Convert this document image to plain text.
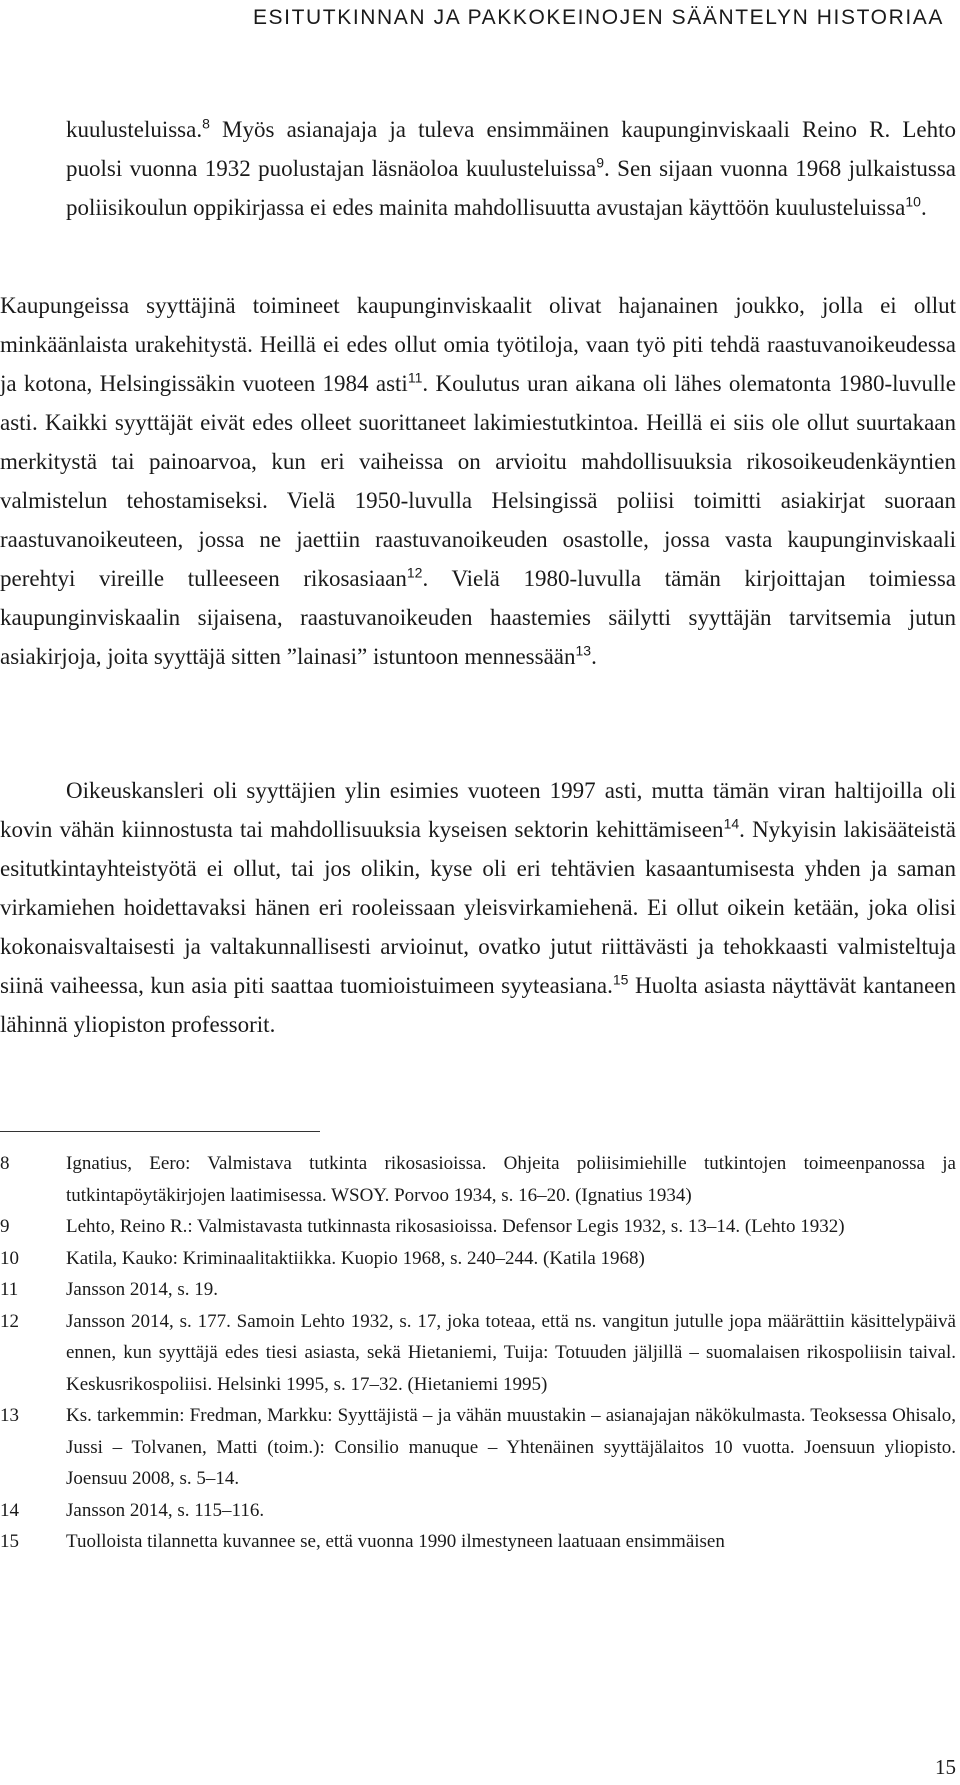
ESITUTKINNAN JA PAKKOKEINOJEN SÄÄNTELYN HISTORIAA

kuulusteluissa.$^8$ Myös asianajaja ja tuleva ensimmäinen kaupunginviskaali Reino R. Lehto puolsi vuonna 1932 puolustajan läsnäoloa kuulusteluissa$^9$. Sen sijaan vuonna 1968 julkaistussa poliisikoulun oppikirjassa ei edes mainita mahdollisuutta avustajan käyttöön kuulusteluissa$^{10}$.

Kaupungeissa syyttäjinä toimineet kaupunginviskaalit olivat hajanainen joukko, jolla ei ollut minkäänlaista urakehitystä. Heillä ei edes ollut omia työtiloja, vaan työ piti tehdä raastuvanoikeudessa ja kotona, Helsingissäkin vuoteen 1984 asti$^{11}$. Koulutus uran aikana oli lähes olematonta 1980-luvulle asti. Kaikki syyttäjät eivät edes olleet suorittaneet lakimiestutkintoa. Heillä ei siis ole ollut suurtakaan merkitystä tai painoarvoa, kun eri vaiheissa on arvioitu mahdollisuuksia rikosoikeudenkäyntien valmistelun tehostamiseksi. Vielä 1950-luvulla Helsingissä poliisi toimitti asiakirjat suoraan raastuvanoikeuteen, jossa ne jaettiin raastuvanoikeuden osastolle, jossa vasta kaupunginviskaali perehtyi vireille tulleeseen rikosasiaan$^{12}$. Vielä 1980-luvulla tämän kirjoittajan toimiessa kaupunginviskaalin sijaisena, raastuvanoikeuden haastemies säilytti syyttäjän tarvitsemia jutun asiakirjoja, joita syyttäjä sitten ”lainasi” istuntoon mennessään$^{13}$.

Oikeuskansleri oli syyttäjien ylin esimies vuoteen 1997 asti, mutta tämän viran haltijoilla oli kovin vähän kiinnostusta tai mahdollisuuksia kyseisen sektorin kehittämiseen$^{14}$. Nykyisin lakisääteistä esitutkintayhteistyötä ei ollut, tai jos olikin, kyse oli eri tehtävien kasaantumisesta yhden ja saman virkamiehen hoidettavaksi hänen eri rooleissaan yleisvirkamiehenä. Ei ollut oikein ketään, joka olisi kokonaisvaltaisesti ja valtakunnallisesti arvioinut, ovatko jutut riittävästi ja tehokkaasti valmisteltuja siinä vaiheessa, kun asia piti saattaa tuomioistuimeen syyteasiana.$^{15}$ Huolta asiasta näyttävät kantaneen lähinnä yliopiston professorit.

8	Ignatius, Eero: Valmistava tutkinta rikosasioissa. Ohjeita poliisimiehille tutkintojen toimeenpanossa ja tutkintapöytäkirjojen laatimisessa. WSOY. Porvoo 1934, s. 16–20. (Ignatius 1934)
9	Lehto, Reino R.: Valmistavasta tutkinnasta rikosasioissa. Defensor Legis 1932, s. 13–14. (Lehto 1932)
10	Katila, Kauko: Kriminaalitaktiikka. Kuopio 1968, s. 240–244. (Katila 1968)
11	Jansson 2014, s. 19.
12	Jansson 2014, s. 177. Samoin Lehto 1932, s. 17, joka toteaa, että ns. vangitun jutulle jopa määrättiin käsittelypäivä ennen, kun syyttäjä edes tiesi asiasta, sekä Hietaniemi, Tuija: Totuuden jäljillä – suomalaisen rikospoliisin taival. Keskusrikospoliisi. Helsinki 1995, s. 17–32. (Hietaniemi 1995)
13	Ks. tarkemmin: Fredman, Markku: Syyttäjistä – ja vähän muustakin – asianajajan näkökulmasta. Teoksessa Ohisalo, Jussi – Tolvanen, Matti (toim.): Consilio manuque – Yhtenäinen syyttäjälaitos 10 vuotta. Joensuun yliopisto. Joensuu 2008, s. 5–14.
14	Jansson 2014, s. 115–116.
15	Tuolloista tilannetta kuvannee se, että vuonna 1990 ilmestyneen laatuaan ensimmäisen
15
